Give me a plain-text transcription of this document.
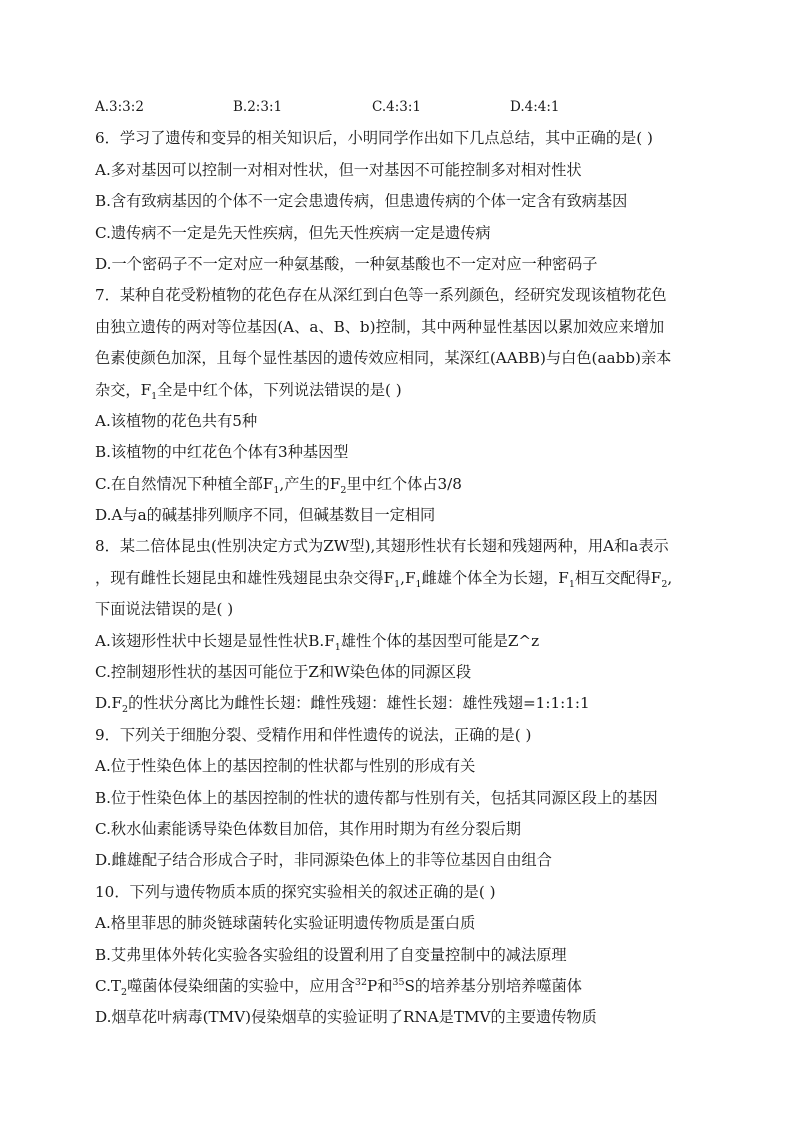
A.3:3:2	B.2:3:1	C.4:3:1	D.4:4:1
6．学习了遗传和变异的相关知识后，小明同学作出如下几点总结，其中正确的是( )
A.多对基因可以控制一对相对性状，但一对基因不可能控制多对相对性状
B.含有致病基因的个体不一定会患遗传病，但患遗传病的个体一定含有致病基因
C.遗传病不一定是先天性疾病，但先天性疾病一定是遗传病
D.一个密码子不一定对应一种氨基酸，一种氨基酸也不一定对应一种密码子
7．某种自花受粉植物的花色存在从深红到白色等一系列颜色，经研究发现该植物花色
由独立遗传的两对等位基因(A、a、B、b)控制，其中两种显性基因以累加效应来增加
色素使颜色加深，且每个显性基因的遗传效应相同，某深红(AABB)与白色(aabb)亲本
杂交，$F_1$全是中红个体，下列说法错误的是( )
A.该植物的花色共有5种
B.该植物的中红花色个体有3种基因型
C.在自然情况下种植全部$F_1$,产生的$F_2$里中红个体占3/8
D.A与a的碱基排列顺序不同，但碱基数目一定相同
8．某二倍体昆虫(性别决定方式为ZW型),其翅形性状有长翅和残翅两种，用A和a表示
，现有雌性长翅昆虫和雄性残翅昆虫杂交得$F_1,F_1$雌雄个体全为长翅，$F_1$相互交配得$F_2$,
下面说法错误的是( )
A.该翅形性状中长翅是显性性状$B.F_1$雄性个体的基因型可能是Z^z
C.控制翅形性状的基因可能位于Z和W染色体的同源区段
$D.F_2$的性状分离比为雌性长翅：雌性残翅：雄性长翅：雄性残翅=1:1:1:1
9．下列关于细胞分裂、受精作用和伴性遗传的说法，正确的是( )
A.位于性染色体上的基因控制的性状都与性别的形成有关
B.位于性染色体上的基因控制的性状的遗传都与性别有关，包括其同源区段上的基因
C.秋水仙素能诱导染色体数目加倍，其作用时期为有丝分裂后期
D.雌雄配子结合形成合子时，非同源染色体上的非等位基因自由组合
10．下列与遗传物质本质的探究实验相关的叙述正确的是( )
A.格里菲思的肺炎链球菌转化实验证明遗传物质是蛋白质
B.艾弗里体外转化实验各实验组的设置利用了自变量控制中的减法原理
$C.T_2$噬菌体侵染细菌的实验中，应用含$^{32}$P和$^{35}$S的培养基分别培养噬菌体
D.烟草花叶病毒(TMV)侵染烟草的实验证明了RNA是TMV的主要遗传物质
